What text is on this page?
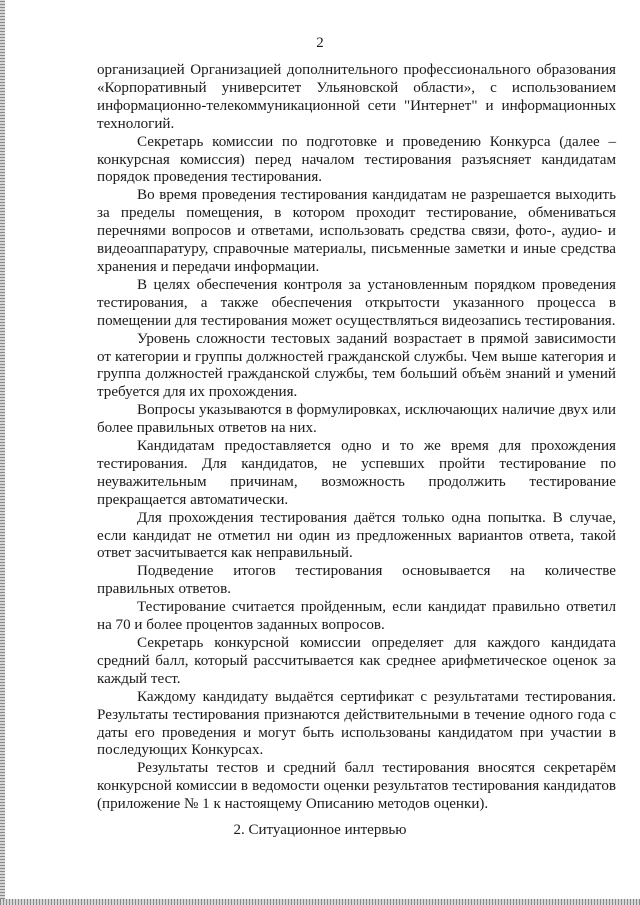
2

организацией Организацией дополнительного профессионального образования «Корпоративный университет Ульяновской области», с использованием информационно-телекоммуникационной сети "Интернет" и информационных технологий.

Секретарь комиссии по подготовке и проведению Конкурса (далее – конкурсная комиссия) перед началом тестирования разъясняет кандидатам порядок проведения тестирования.

Во время проведения тестирования кандидатам не разрешается выходить за пределы помещения, в котором проходит тестирование, обмениваться перечнями вопросов и ответами, использовать средства связи, фото-, аудио- и видеоаппаратуру, справочные материалы, письменные заметки и иные средства хранения и передачи информации.

В целях обеспечения контроля за установленным порядком проведения тестирования, а также обеспечения открытости указанного процесса в помещении для тестирования может осуществляться видеозапись тестирования.

Уровень сложности тестовых заданий возрастает в прямой зависимости от категории и группы должностей гражданской службы. Чем выше категория и группа должностей гражданской службы, тем больший объём знаний и умений требуется для их прохождения.

Вопросы указываются в формулировках, исключающих наличие двух или более правильных ответов на них.

Кандидатам предоставляется одно и то же время для прохождения тестирования. Для кандидатов, не успевших пройти тестирование по неуважительным причинам, возможность продолжить тестирование прекращается автоматически.

Для прохождения тестирования даётся только одна попытка. В случае, если кандидат не отметил ни один из предложенных вариантов ответа, такой ответ засчитывается как неправильный.

Подведение итогов тестирования основывается на количестве правильных ответов.

Тестирование считается пройденным, если кандидат правильно ответил на 70 и более процентов заданных вопросов.

Секретарь конкурсной комиссии определяет для каждого кандидата средний балл, который рассчитывается как среднее арифметическое оценок за каждый тест.

Каждому кандидату выдаётся сертификат с результатами тестирования. Результаты тестирования признаются действительными в течение одного года с даты его проведения и могут быть использованы кандидатом при участии в последующих Конкурсах.

Результаты тестов и средний балл тестирования вносятся секретарём конкурсной комиссии в ведомости оценки результатов тестирования кандидатов (приложение № 1 к настоящему Описанию методов оценки).

2. Ситуационное интервью
